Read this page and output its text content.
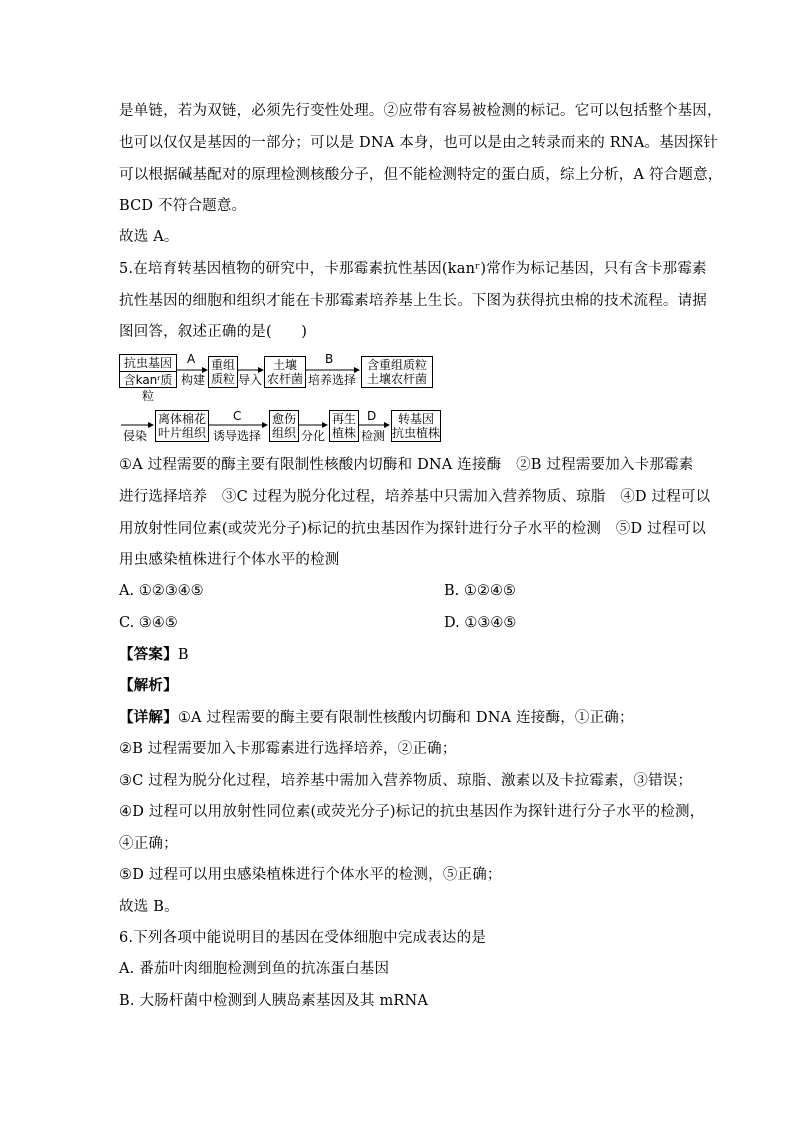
是单链，若为双链，必须先行变性处理。②应带有容易被检测的标记。它可以包括整个基因，
也可以仅仅是基因的一部分；可以是 DNA 本身，也可以是由之转录而来的 RNA。基因探针
可以根据碱基配对的原理检测核酸分子，但不能检测特定的蛋白质，综上分析，A 符合题意，
BCD 不符合题意。
故选 A。
5.在培育转基因植物的研究中，卡那霉素抗性基因(kanʳ)常作为标记基因，只有含卡那霉素
抗性基因的细胞和组织才能在卡那霉素培养基上生长。下图为获得抗虫棉的技术流程。请据
图回答，叙述正确的是(　　)
抗虫基因
含kanʳ质粒
A
构建
重组
质粒 导入
土壤
农杆菌
B
培养选择
含重组质粒
土壤农杆菌
侵染
离体棉花
叶片组织
C
诱导选择
愈伤
组织 分化
再生
植株
D
检测
转基因
抗虫植株
①A 过程需要的酶主要有限制性核酸内切酶和 DNA 连接酶　②B 过程需要加入卡那霉素
进行选择培养　③C 过程为脱分化过程，培养基中只需加入营养物质、琼脂　④D 过程可以
用放射性同位素(或荧光分子)标记的抗虫基因作为探针进行分子水平的检测　⑤D 过程可以
用虫感染植株进行个体水平的检测
A. ①②③④⑤	B. ①②④⑤
C. ③④⑤	D. ①③④⑤
【答案】B
【解析】
【详解】①A 过程需要的酶主要有限制性核酸内切酶和 DNA 连接酶，①正确；
②B 过程需要加入卡那霉素进行选择培养，②正确；
③C 过程为脱分化过程，培养基中需加入营养物质、琼脂、激素以及卡拉霉素，③错误；
④D 过程可以用放射性同位素(或荧光分子)标记的抗虫基因作为探针进行分子水平的检测，
④正确；
⑤D 过程可以用虫感染植株进行个体水平的检测，⑤正确；
故选 B。
6.下列各项中能说明目的基因在受体细胞中完成表达的是
A. 番茄叶肉细胞检测到鱼的抗冻蛋白基因
B. 大肠杆菌中检测到人胰岛素基因及其 mRNA
